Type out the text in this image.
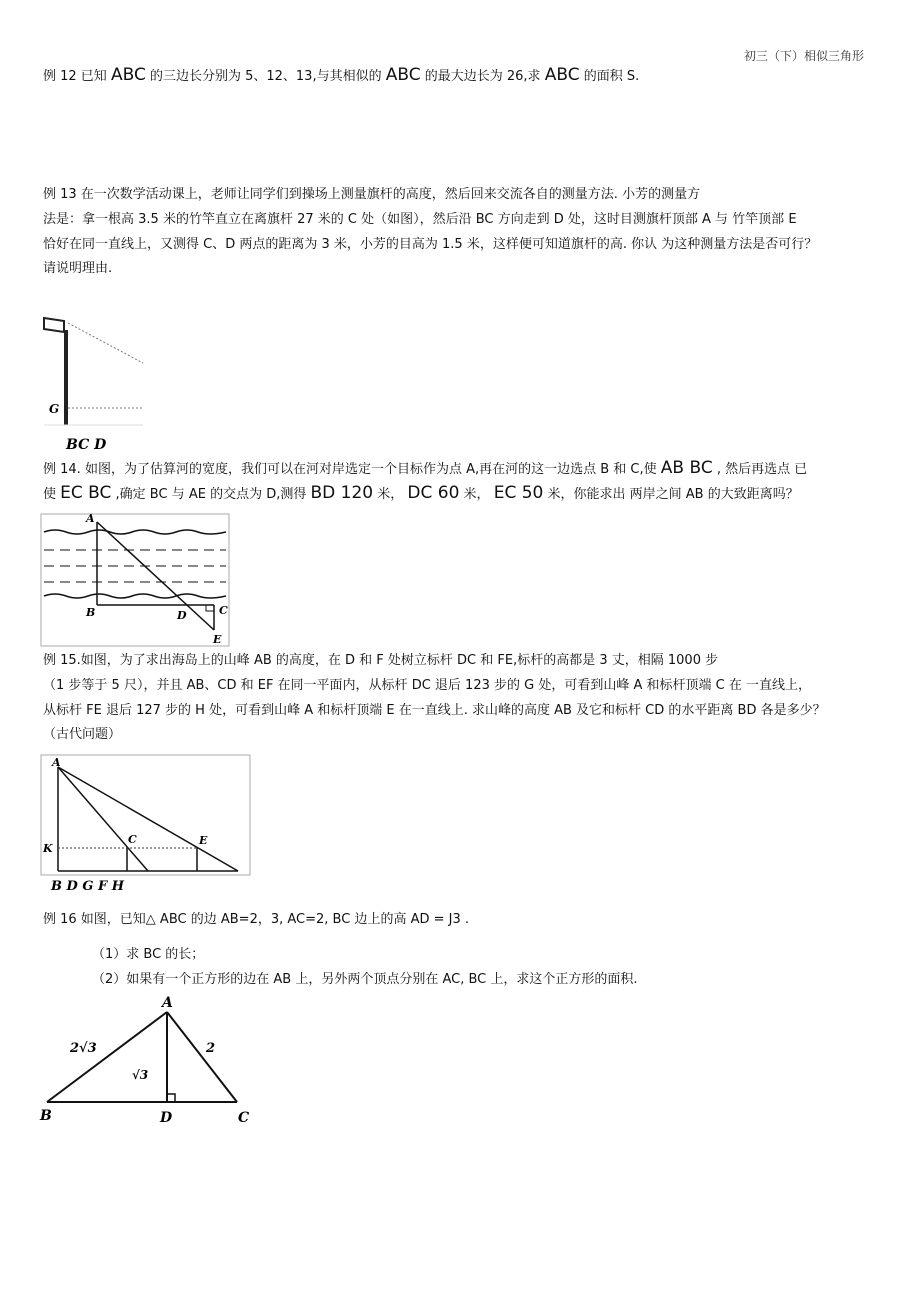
初三（下）相似三角形
例 12 已知 ABC 的三边长分别为 5、12、13,与其相似的 ABC 的最大边长为 26,求 ABC 的面积 S.
例 13 在一次数学活动课上，老师让同学们到操场上测量旗杆的高度，然后回来交流各自的测量方法. 小芳的测量方
法是：拿一根高 3.5 米的竹竿直立在离旗杆 27 米的 C 处（如图），然后沿 BC 方向走到 D 处，这时目测旗杆顶部 A 与 竹竿顶部 E
恰好在同一直线上，又测得 C、D 两点的距离为 3 米，小芳的目高为 1.5 米，这样便可知道旗杆的高. 你认 为这种测量方法是否可行？
请说明理由.
G
BC D
例 14. 如图，为了估算河的宽度，我们可以在河对岸选定一个目标作为点 A,再在河的这一边选点 B 和 C,使 AB BC , 然后再选点 已
使 EC BC ,确定 BC 与 AE 的交点为 D,测得 BD 120 米， DC 60 米， EC 50 米，你能求出 两岸之间 AB 的大致距离吗？
A
B	C
D
E
例 15.如图，为了求出海岛上的山峰 AB 的高度，在 D 和 F 处树立标杆 DC 和 FE,标杆的高都是 3 丈，相隔 1000 步
（1 步等于 5 尺），并且 AB、CD 和 EF 在同一平面内，从标杆 DC 退后 123 步的 G 处，可看到山峰 A 和标杆顶端 C 在 一直线上，
从标杆 FE 退后 127 步的 H 处，可看到山峰 A 和标杆顶端 E 在一直线上. 求山峰的高度 AB 及它和标杆 CD 的水平距离 BD 各是多少？
（古代问题）
A
C	E
K
B D G F H
例 16 如图，已知△ ABC 的边 AB=2，3, AC=2, BC 边上的高 AD = J3 .
（1）求 BC 的长；
（2）如果有一个正方形的边在 AB 上，另外两个顶点分别在 AC, BC 上，求这个正方形的面积.
A
B	D	C
2√3	2
√3
